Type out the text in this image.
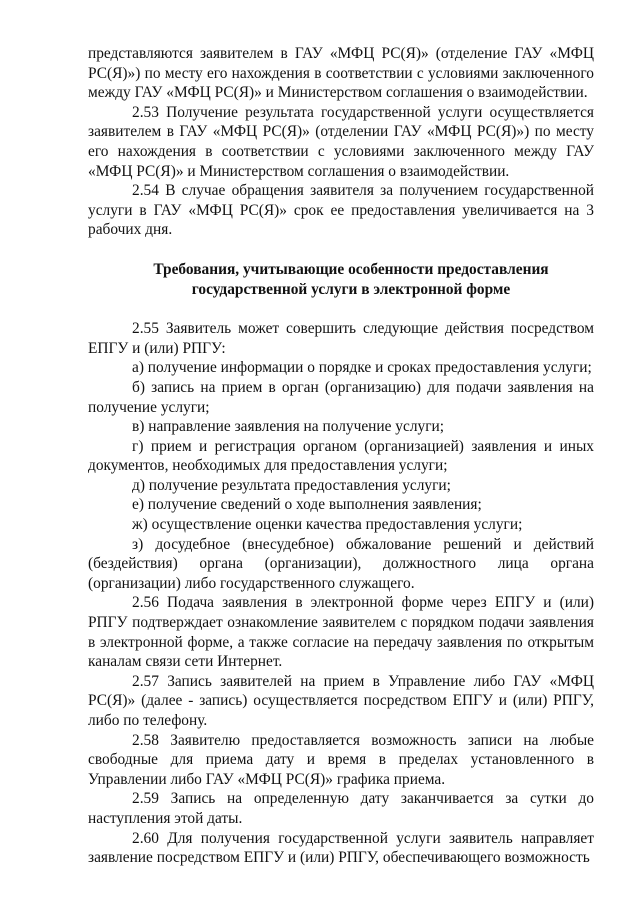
представляются заявителем в ГАУ «МФЦ РС(Я)» (отделение ГАУ «МФЦ РС(Я)») по месту его нахождения в соответствии с условиями заключенного между ГАУ «МФЦ РС(Я)» и Министерством соглашения о взаимодействии.

2.53 Получение результата государственной услуги осуществляется заявителем в ГАУ «МФЦ РС(Я)» (отделении ГАУ «МФЦ РС(Я)») по месту его нахождения в соответствии с условиями заключенного между ГАУ «МФЦ РС(Я)» и Министерством соглашения о взаимодействии.

2.54 В случае обращения заявителя за получением государственной услуги в ГАУ «МФЦ РС(Я)» срок ее предоставления увеличивается на 3 рабочих дня.

Требования, учитывающие особенности предоставления
государственной услуги в электронной форме

2.55 Заявитель может совершить следующие действия посредством ЕПГУ и (или) РПГУ:

а) получение информации о порядке и сроках предоставления услуги;

б) запись на прием в орган (организацию) для подачи заявления на получение услуги;

в) направление заявления на получение услуги;

г) прием и регистрация органом (организацией) заявления и иных документов, необходимых для предоставления услуги;

д) получение результата предоставления услуги;

е) получение сведений о ходе выполнения заявления;

ж) осуществление оценки качества предоставления услуги;

з) досудебное (внесудебное) обжалование решений и действий (бездействия) органа (организации), должностного лица органа (организации) либо государственного служащего.

2.56 Подача заявления в электронной форме через ЕПГУ и (или) РПГУ подтверждает ознакомление заявителем с порядком подачи заявления в электронной форме, а также согласие на передачу заявления по открытым каналам связи сети Интернет.

2.57 Запись заявителей на прием в Управление либо ГАУ «МФЦ РС(Я)» (далее - запись) осуществляется посредством ЕПГУ и (или) РПГУ, либо по телефону.

2.58 Заявителю предоставляется возможность записи на любые свободные для приема дату и время в пределах установленного в Управлении либо ГАУ «МФЦ РС(Я)» графика приема.

2.59 Запись на определенную дату заканчивается за сутки до наступления этой даты.

2.60 Для получения государственной услуги заявитель направляет заявление посредством ЕПГУ и (или) РПГУ, обеспечивающего возможность
